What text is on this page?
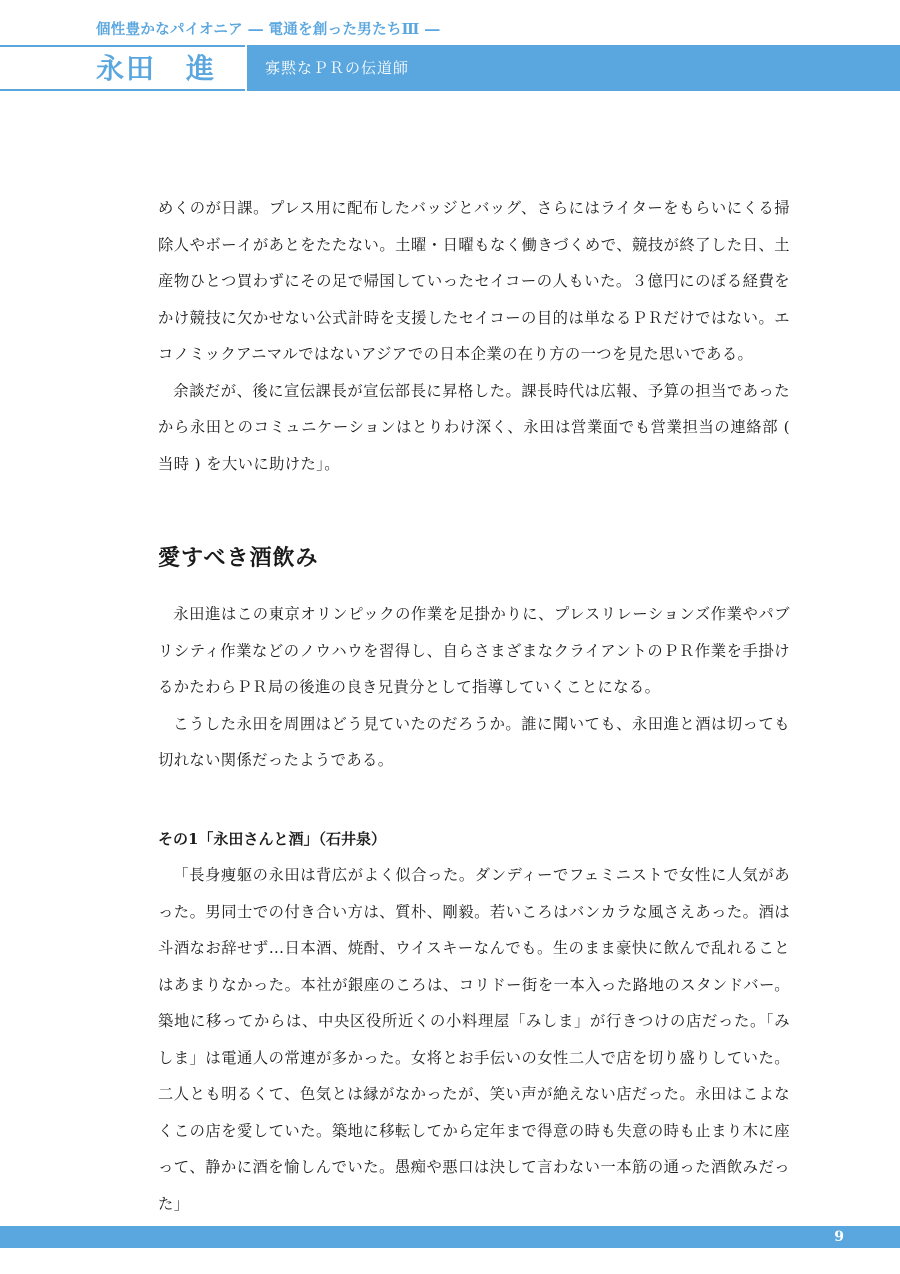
個性豊かなパイオニア ― 電通を創った男たちⅢ ―
永田　進	寡黙なＰＲの伝道師

めくのが日課。プレス用に配布したバッジとバッグ、さらにはライターをもらいにくる掃除人やボーイがあとをたたない。土曜・日曜もなく働きづくめで、競技が終了した日、土産物ひとつ買わずにその足で帰国していったセイコーの人もいた。３億円にのぼる経費をかけ競技に欠かせない公式計時を支援したセイコーの目的は単なるＰＲだけではない。エコノミックアニマルではないアジアでの日本企業の在り方の一つを見た思いである。

余談だが、後に宣伝課長が宣伝部長に昇格した。課長時代は広報、予算の担当であったから永田とのコミュニケーションはとりわけ深く、永田は営業面でも営業担当の連絡部 ( 当時 ) を大いに助けた」。

愛すべき酒飲み

永田進はこの東京オリンピックの作業を足掛かりに、プレスリレーションズ作業やパブリシティ作業などのノウハウを習得し、自らさまざまなクライアントのＰＲ作業を手掛けるかたわらＰＲ局の後進の良き兄貴分として指導していくことになる。

こうした永田を周囲はどう見ていたのだろうか。誰に聞いても、永田進と酒は切っても切れない関係だったようである。

その1「永田さんと酒」（石井泉）

「長身痩躯の永田は背広がよく似合った。ダンディーでフェミニストで女性に人気があった。男同士での付き合い方は、質朴、剛毅。若いころはバンカラな風さえあった。酒は斗酒なお辞せず…日本酒、焼酎、ウイスキーなんでも。生のまま豪快に飲んで乱れることはあまりなかった。本社が銀座のころは、コリドー街を一本入った路地のスタンドバー。築地に移ってからは、中央区役所近くの小料理屋「みしま」が行きつけの店だった。「みしま」は電通人の常連が多かった。女将とお手伝いの女性二人で店を切り盛りしていた。二人とも明るくて、色気とは縁がなかったが、笑い声が絶えない店だった。永田はこよなくこの店を愛していた。築地に移転してから定年まで得意の時も失意の時も止まり木に座って、静かに酒を愉しんでいた。愚痴や悪口は決して言わない一本筋の通った酒飲みだった」

9
